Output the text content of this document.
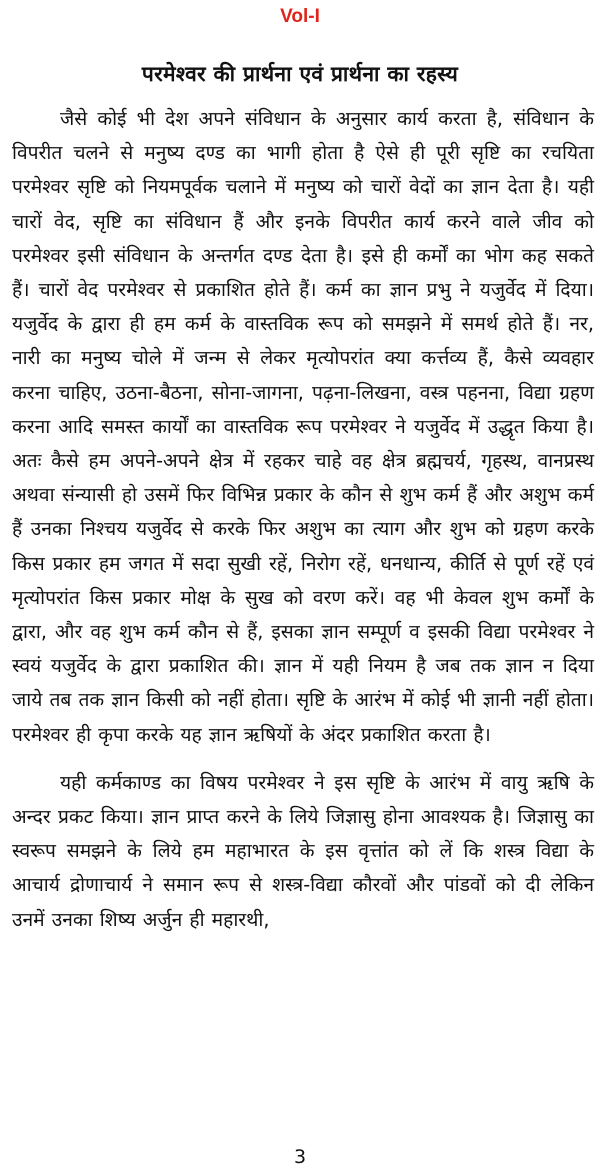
Vol-I
परमेश्वर की प्रार्थना एवं प्रार्थना का रहस्य

जैसे कोई भी देश अपने संविधान के अनुसार कार्य करता है, संविधान के विपरीत चलने से मनुष्य दण्ड का भागी होता है ऐसे ही पूरी सृष्टि का रचयिता परमेश्वर सृष्टि को नियमपूर्वक चलाने में मनुष्य को चारों वेदों का ज्ञान देता है। यही चारों वेद, सृष्टि का संविधान हैं और इनके विपरीत कार्य करने वाले जीव को परमेश्वर इसी संविधान के अन्तर्गत दण्ड देता है। इसे ही कर्मों का भोग कह सकते हैं। चारों वेद परमेश्वर से प्रकाशित होते हैं। कर्म का ज्ञान प्रभु ने यजुर्वेद में दिया। यजुर्वेद के द्वारा ही हम कर्म के वास्तविक रूप को समझने में समर्थ होते हैं। नर, नारी का मनुष्य चोले में जन्म से लेकर मृत्योपरांत क्या कर्त्तव्य हैं, कैसे व्यवहार करना चाहिए, उठना-बैठना, सोना-जागना, पढ़ना-लिखना, वस्त्र पहनना, विद्या ग्रहण करना आदि समस्त कार्यों का वास्तविक रूप परमेश्वर ने यजुर्वेद में उद्धृत किया है। अतः कैसे हम अपने-अपने क्षेत्र में रहकर चाहे वह क्षेत्र ब्रह्मचर्य, गृहस्थ, वानप्रस्थ अथवा संन्यासी हो उसमें फिर विभिन्न प्रकार के कौन से शुभ कर्म हैं और अशुभ कर्म हैं उनका निश्चय यजुर्वेद से करके फिर अशुभ का त्याग और शुभ को ग्रहण करके किस प्रकार हम जगत में सदा सुखी रहें, निरोग रहें, धनधान्य, कीर्ति से पूर्ण रहें एवं मृत्योपरांत किस प्रकार मोक्ष के सुख को वरण करें। वह भी केवल शुभ कर्मों के द्वारा, और वह शुभ कर्म कौन से हैं, इसका ज्ञान सम्पूर्ण व इसकी विद्या परमेश्वर ने स्वयं यजुर्वेद के द्वारा प्रकाशित की। ज्ञान में यही नियम है जब तक ज्ञान न दिया जाये तब तक ज्ञान किसी को नहीं होता। सृष्टि के आरंभ में कोई भी ज्ञानी नहीं होता। परमेश्वर ही कृपा करके यह ज्ञान ऋषियों के अंदर प्रकाशित करता है।

यही कर्मकाण्ड का विषय परमेश्वर ने इस सृष्टि के आरंभ में वायु ऋषि के अन्दर प्रकट किया। ज्ञान प्राप्त करने के लिये जिज्ञासु होना आवश्यक है। जिज्ञासु का स्वरूप समझने के लिये हम महाभारत के इस वृत्तांत को लें कि शस्त्र विद्या के आचार्य द्रोणाचार्य ने समान रूप से शस्त्र-विद्या कौरवों और पांडवों को दी लेकिन उनमें उनका शिष्य अर्जुन ही महारथी,

3
